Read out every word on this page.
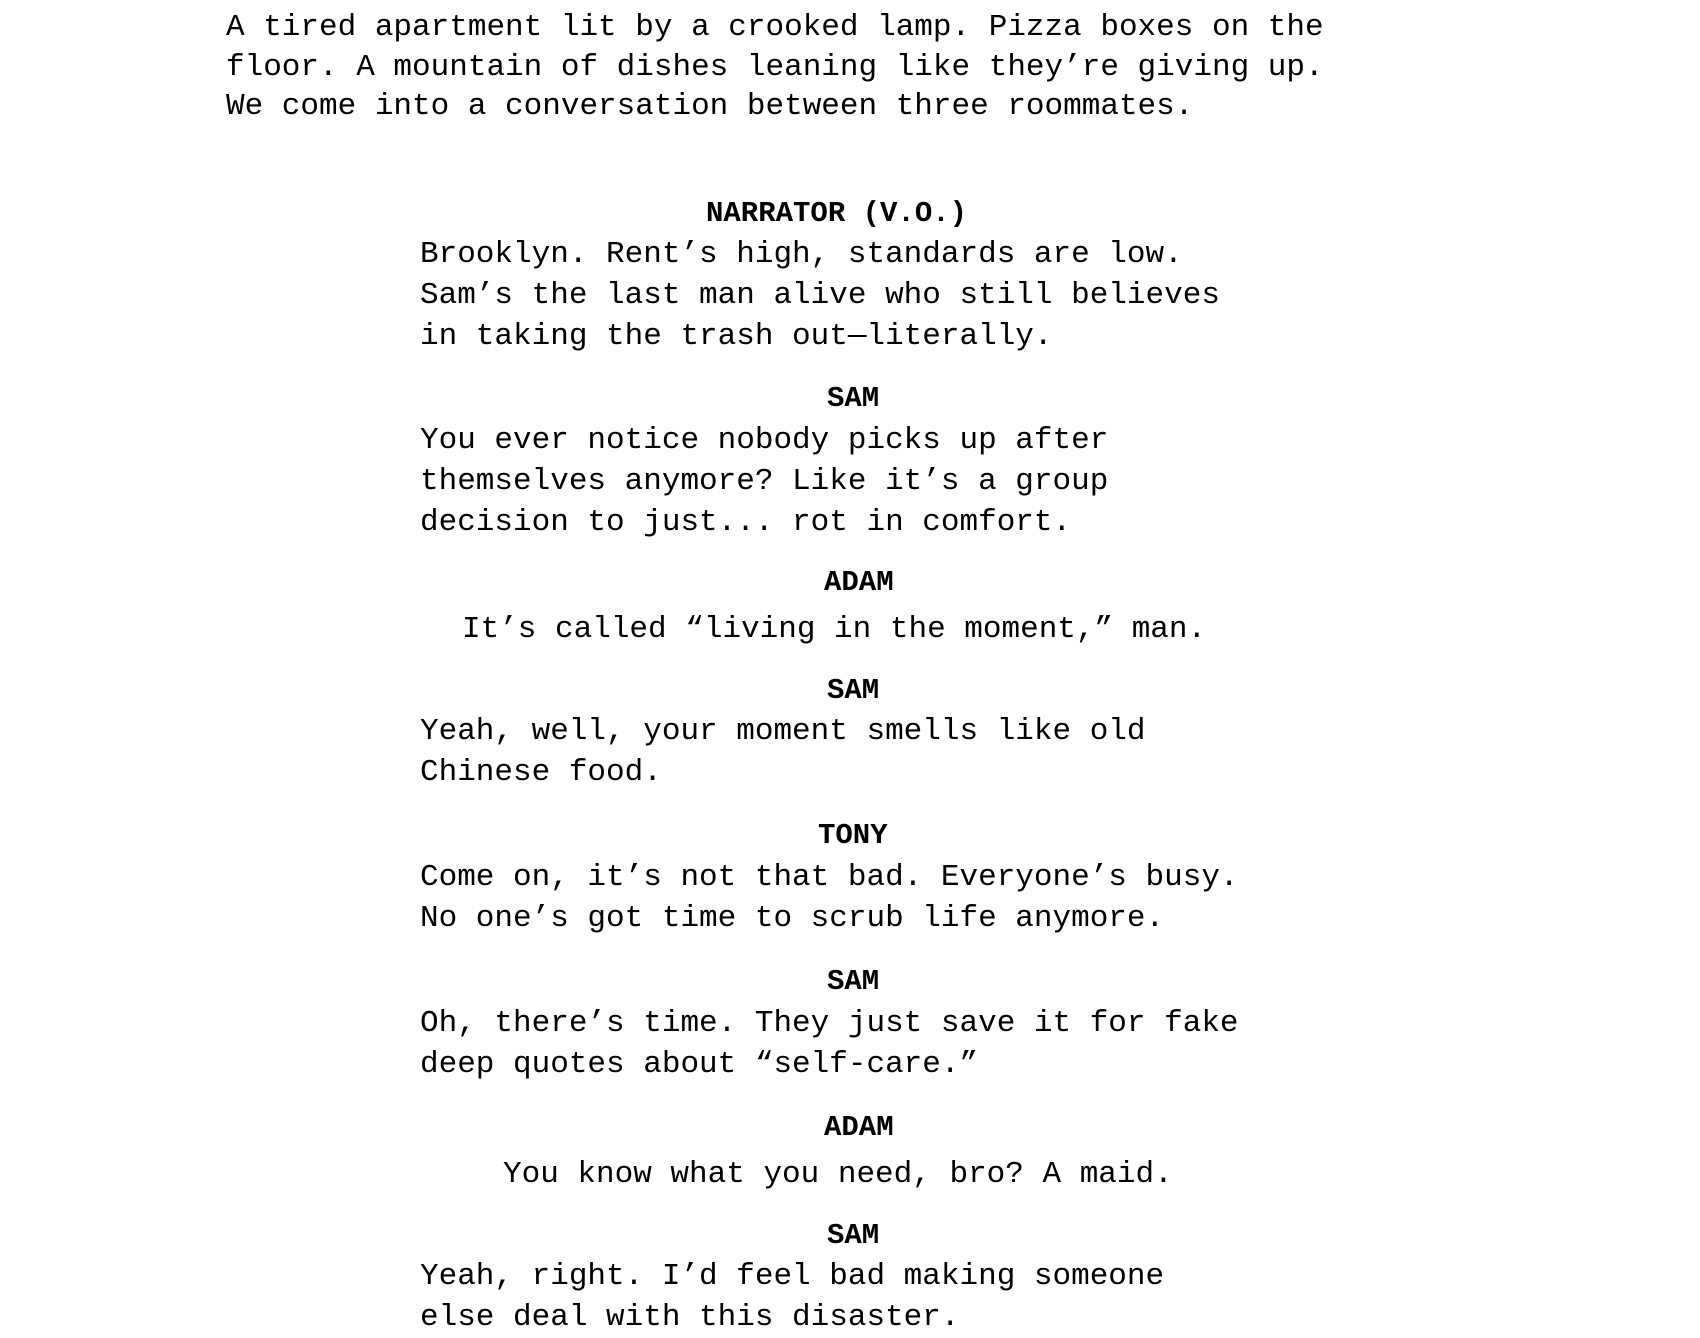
A tired apartment lit by a crooked lamp. Pizza boxes on the
floor. A mountain of dishes leaning like they’re giving up.
We come into a conversation between three roommates.
NARRATOR (V.O.)
Brooklyn. Rent’s high, standards are low.
Sam’s the last man alive who still believes
in taking the trash out—literally.
SAM
You ever notice nobody picks up after
themselves anymore? Like it’s a group
decision to just... rot in comfort.
ADAM
It’s called “living in the moment,” man.
SAM
Yeah, well, your moment smells like old
Chinese food.
TONY
Come on, it’s not that bad. Everyone’s busy.
No one’s got time to scrub life anymore.
SAM
Oh, there’s time. They just save it for fake
deep quotes about “self-care.”
ADAM
You know what you need, bro? A maid.
SAM
Yeah, right. I’d feel bad making someone
else deal with this disaster.
